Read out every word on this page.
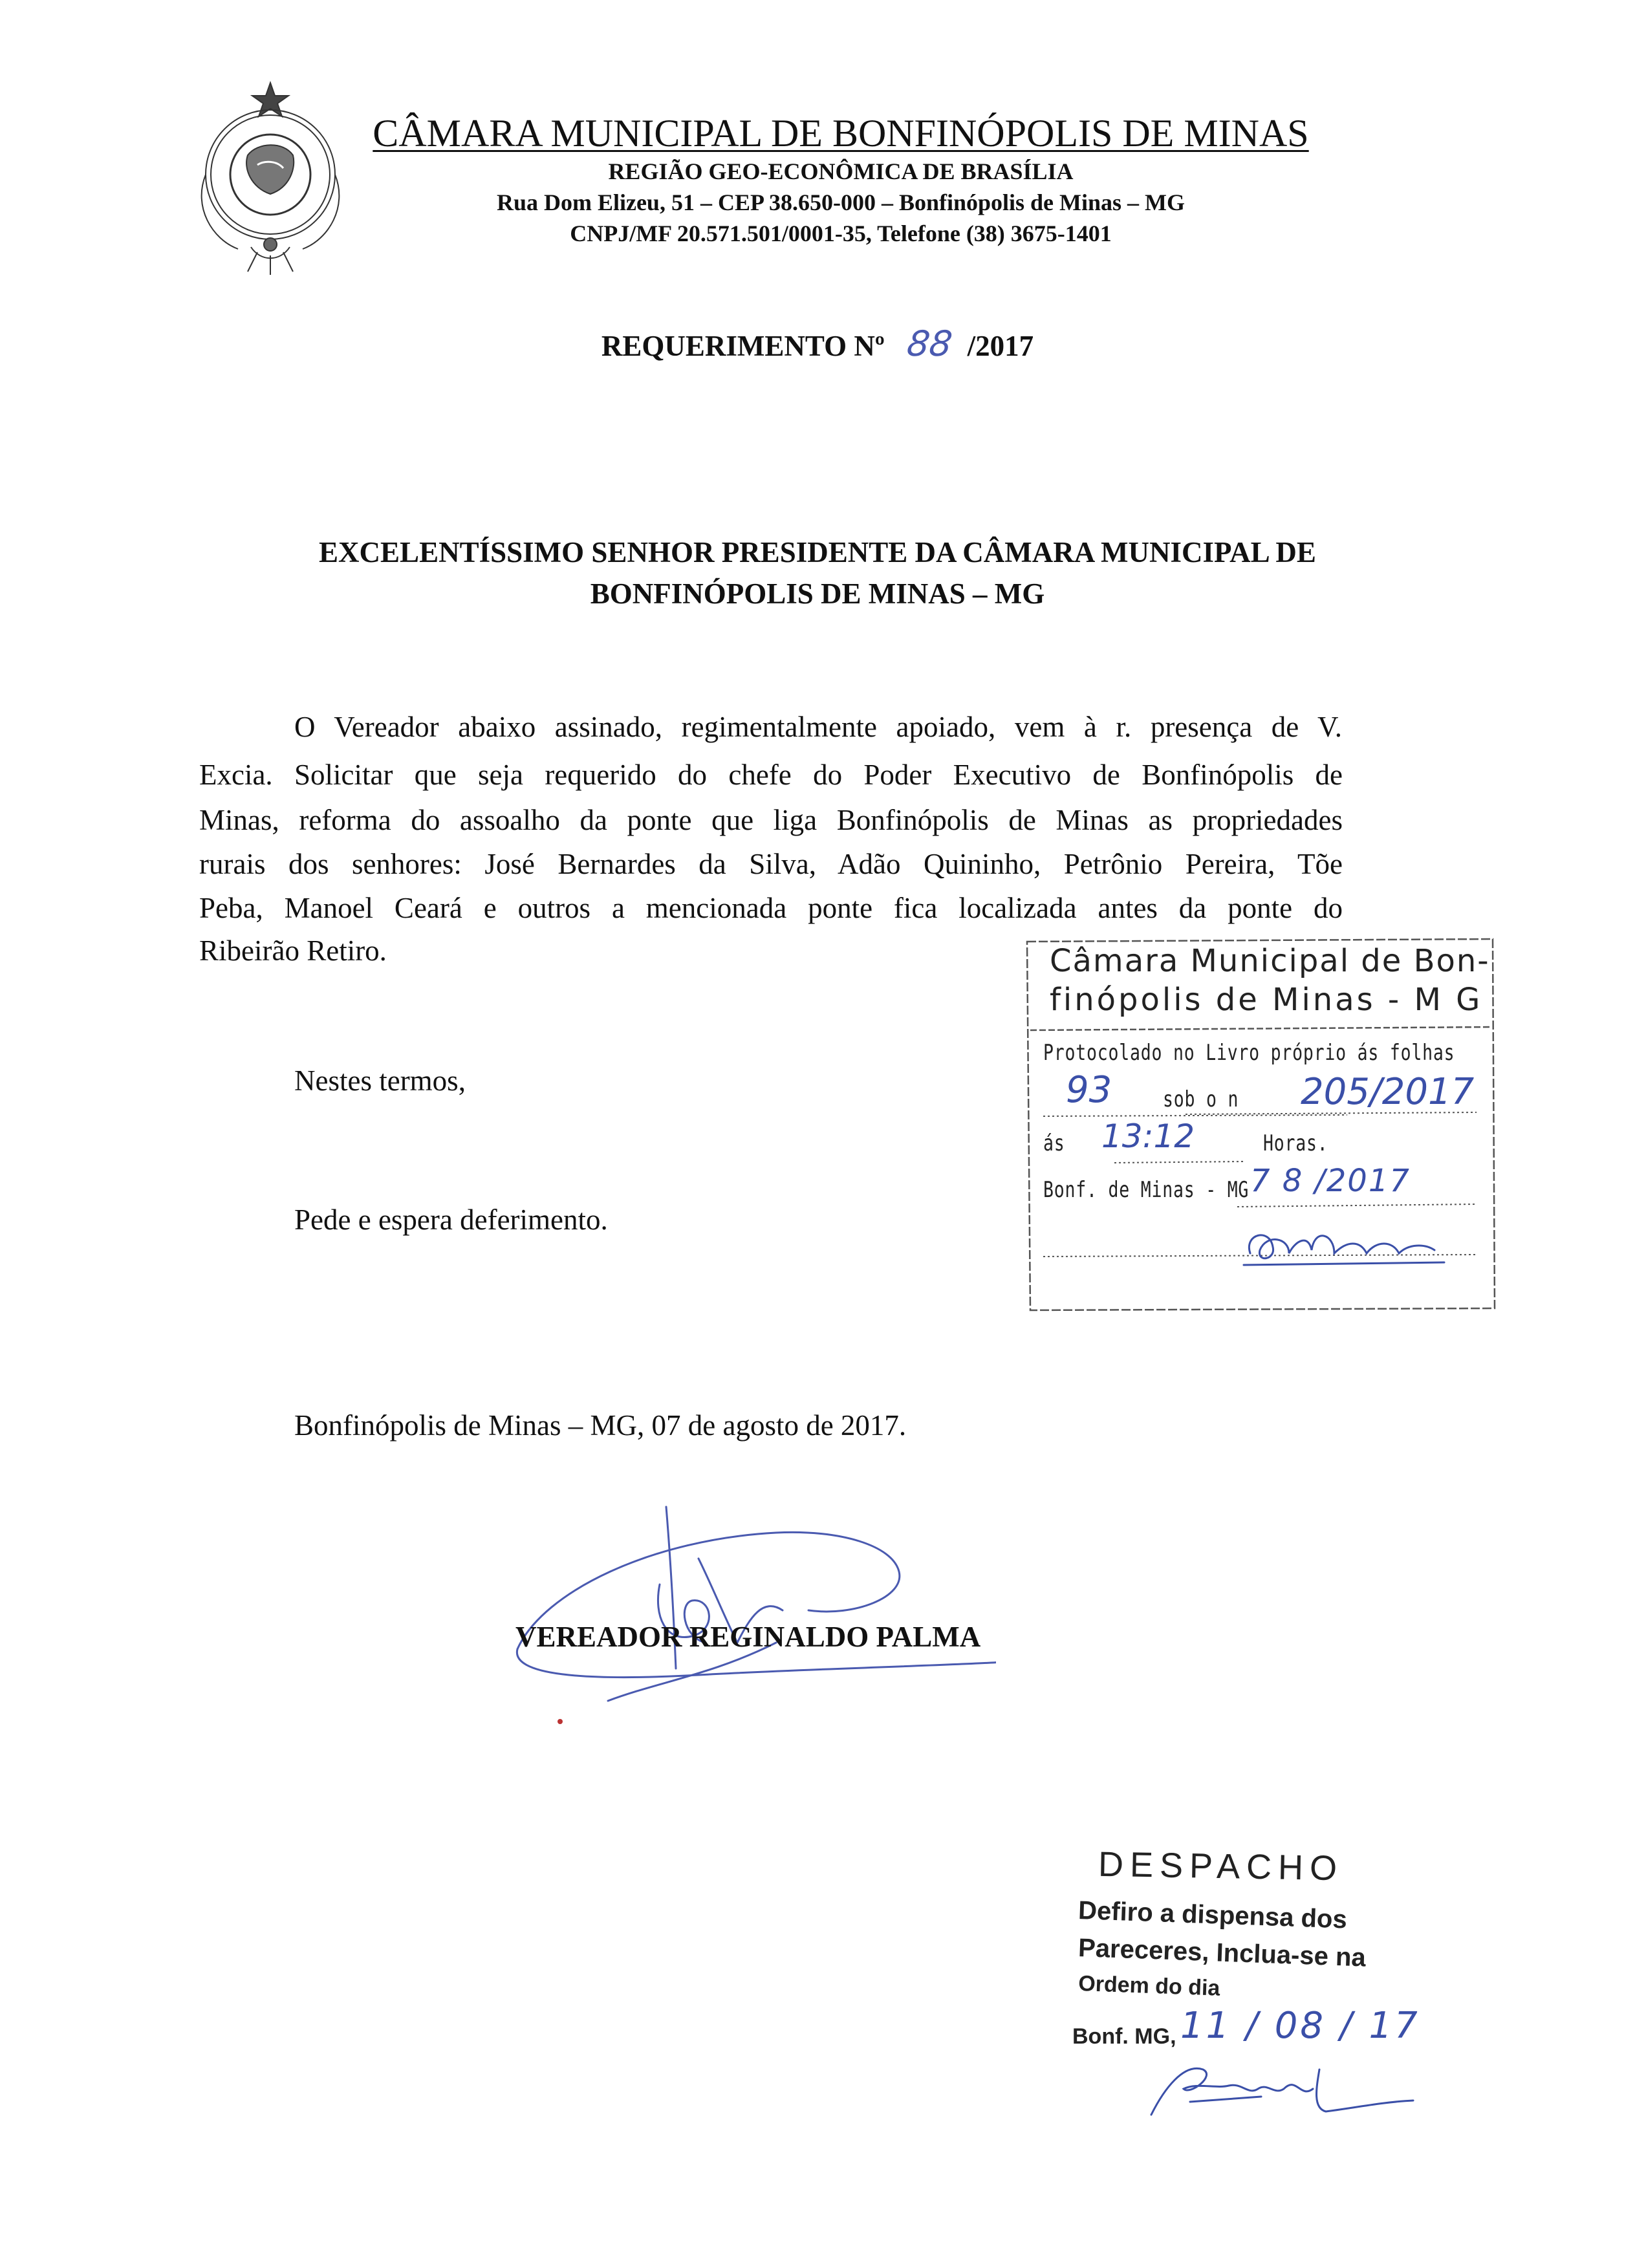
CÂMARA MUNICIPAL DE BONFINÓPOLIS DE MINAS
REGIÃO GEO-ECONÔMICA DE BRASÍLIA
Rua Dom Elizeu, 51 – CEP 38.650-000 – Bonfinópolis de Minas – MG
CNPJ/MF 20.571.501/0001-35, Telefone (38) 3675-1401
REQUERIMENTO Nº 88 /2017
EXCELENTÍSSIMO SENHOR PRESIDENTE DA CÂMARA MUNICIPAL DE
BONFINÓPOLIS DE MINAS – MG
O Vereador abaixo assinado, regimentalmente apoiado, vem à r. presença de V.
Excia. Solicitar que seja requerido do chefe do Poder Executivo de Bonfinópolis de
Minas, reforma do assoalho da ponte que liga Bonfinópolis de Minas as propriedades
rurais dos senhores: José Bernardes da Silva, Adão Quininho, Petrônio Pereira, Tõe
Peba, Manoel Ceará e outros a mencionada ponte fica localizada antes da ponte do
Ribeirão Retiro.
Nestes termos,
Pede e espera deferimento.
Bonfinópolis de Minas – MG, 07 de agosto de 2017.
VEREADOR REGINALDO PALMA
Câmara Municipal de Bon-
finópolis de Minas - M G
Protocolado no Livro próprio ás folhas
sob o n
ás	Horas.
Bonf. de Minas - MG
93	205/2017
13:12
7 8 /2017
DESPACHO
Defiro a dispensa dos
Pareceres, Inclua-se na
Ordem do dia
Bonf. MG, 11 / 08 / 17
